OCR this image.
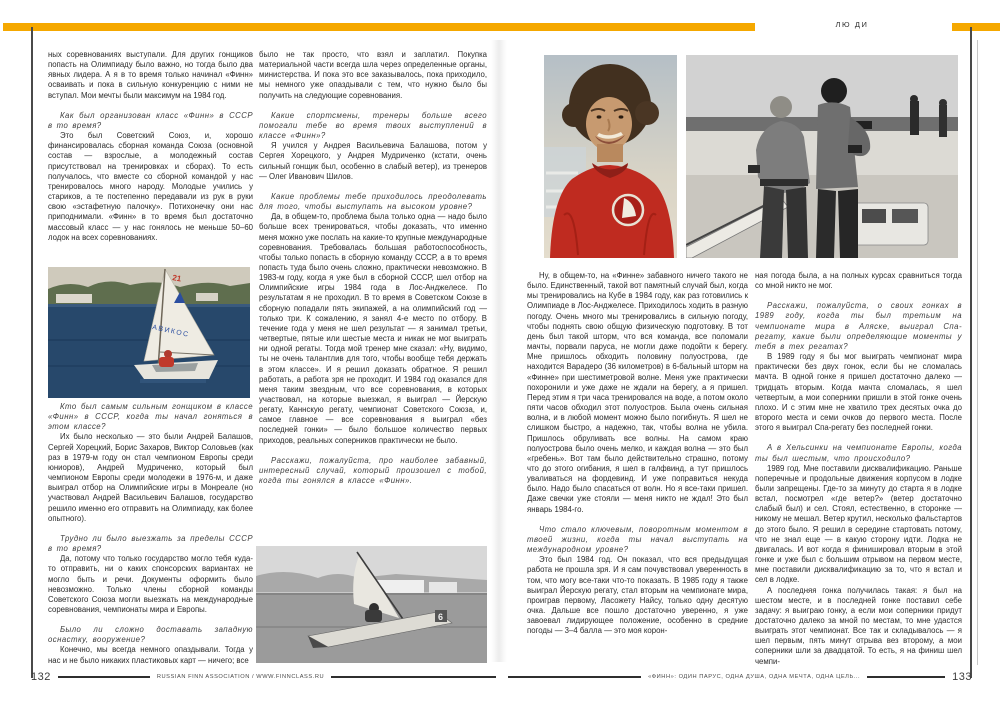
ЛЮ ДИ

ных соревнованиях выступали. Для других гонщиков попасть на Олимпиаду было важно, но тогда было два явных лидера. А я в то время только начинал «Финн» осваивать и пока в сильную конкуренцию с ними не вступал. Мои мечты были максимум на 1984 год.

Как был организован класс «Финн» в СССР в то время?

Это был Советский Союз, и, хорошо финансировалась сборная команда Союза (основной состав — взрослые, а молодежный состав присутствовал на тренировках и сборах). То есть получалось, что вместе со сборной командой у нас тренировалось много народу. Молодые учились у стариков, а те постепенно передавали из рук в руки свою «эстафетную палочку». Потихонечку они нас приподнимали. «Финн» в то время был достаточно массовый класс — у нас гонялось не меньше 50–60 лодок на всех соревнованиях.

21
АВИКОС

Кто был самым сильным гонщиком в классе «Финн» в СССР, когда ты начал гоняться в этом классе?

Их было несколько — это были Андрей Балашов, Сергей Хорецкий, Борис Захаров, Виктор Соловьев (как раз в 1979-м году он стал чемпионом Европы среди юниоров), Андрей Мудриченко, который был чемпионом Европы среди молодежи в 1976-м, и даже выиграл отбор на Олимпийские игры в Монреале (но участвовал Андрей Васильевич Балашов, государство решило именно его отправить на Олимпиаду, как более опытного).

Трудно ли было выезжать за пределы СССР в то время?

Да, потому что только государство могло тебя куда-то отправить, ни о каких спонсорских вариантах не могло быть и речи. Документы оформить было невозможно. Только члены сборной команды Советского Союза могли выезжать на международные соревнования, чемпионаты мира и Европы.

Было ли сложно доставать западную оснастку, вооружение?

Конечно, мы всегда немного опаздывали. Тогда у нас и не было никаких пластиковых карт — ничего; все

было не так просто, что взял и заплатил. Покупка материальной части всегда шла через определенные органы, министерства. И пока это все заказывалось, пока приходило, мы немного уже опаздывали с тем, что нужно было бы получить на следующие соревнования.

Какие спортсмены, тренеры больше всего помогали тебе во время твоих выступлений в классе «Финн»?

Я учился у Андрея Васильевича Балашова, потом у Сергея Хорецкого, у Андрея Мудриченко (кстати, очень сильный гонщик был, особенно в слабый ветер), из тренеров — Олег Иванович Шилов.

Какие проблемы тебе приходилось преодолевать для того, чтобы выступать на высоком уровне?

Да, в общем-то, проблема была только одна — надо было больше всех тренироваться, чтобы доказать, что именно меня можно уже послать на какие-то крупные международные соревнования. Требовалась большая работоспособность, чтобы только попасть в сборную команду СССР, а в то время попасть туда было очень сложно, практически невозможно. В 1983-м году, когда я уже был в сборной СССР, шел отбор на Олимпийские игры 1984 года в Лос-Анджелесе. По результатам я не проходил. В то время в Советском Союзе в сборную попадали пять экипажей, а на олимпийский год — только три. К сожалению, я занял 4-е место по отбору. В течение года у меня не шел результат — я занимал третьи, четвертые, пятые или шестые места и никак не мог выиграть ни одной регаты. Тогда мой тренер мне сказал: «Ну, видимо, ты не очень талантлив для того, чтобы вообще тебя держать в этом классе». И я решил доказать обратное. Я решил работать, а работа зря не проходит. И 1984 год оказался для меня таким звездным, что все соревнования, в которых участвовал, на которые выезжал, я выиграл — Йерскую регату, Каннскую регату, чемпионат Советского Союза, и, самое главное — все соревнования я выиграл «без последней гонки» — было большое количество первых приходов, реальных соперников практически не было.

Расскажи, пожалуйста, про наиболее забавный, интересный случай, который произошел с тобой, когда ты гонялся в классе «Финн».

6

Ну, в общем-то, на «Финне» забавного ничего такого не было. Единственный, такой вот памятный случай был, когда мы тренировались на Кубе в 1984 году, как раз готовились к Олимпиаде в Лос-Анджелесе. Приходилось ходить в разную погоду. Очень много мы тренировались в сильную погоду, чтобы поднять свою общую физическую подготовку. В тот день был такой шторм, что вся команда, все поломали мачты, порвали паруса, не могли даже подойти к берегу. Мне пришлось обходить половину полуострова, где находится Варадеро (36 километров) в 6-бальный шторм на «Финне» при шестиметровой волне. Меня уже практически похоронили и уже даже не ждали на берегу, а я пришел. Перед этим я три часа тренировался на воде, а потом около пяти часов обходил этот полуостров. Была очень сильная волна, и в любой момент можно было погибнуть. Я шел не слишком быстро, а надежно, так, чтобы волна не убила. Пришлось обруливать все волны. На самом краю полуострова было очень мелко, и каждая волна — это был «гребень». Вот там было действительно страшно, потому что до этого огибания, я шел в галфвинд, а тут пришлось уваливаться на фордевинд. И уже поправиться некуда было. Надо было спасаться от волн. Но я все-таки пришел. Даже свечки уже стояли — меня никто не ждал! Это был январь 1984-го.

Что стало ключевым, поворотным моментом в твоей жизни, когда ты начал выступать на международном уровне?

Это был 1984 год. Он показал, что вся предыдущая работа не прошла зря. И я сам почувствовал уверенность в том, что могу все-таки что-то показать. В 1985 году я также выиграл Йерскую регату, стал вторым на чемпионате мира, проиграв первому, Ласожету Найсу, только одну десятую очка. Дальше все пошло достаточно уверенно, я уже завоевал лидирующее положение, особенно в средние погоды — 3–4 балла — это моя корон-

ная погода была, а на полных курсах сравниться тогда со мной никто не мог.

Расскажи, пожалуйста, о своих гонках в 1989 году, когда ты был третьим на чемпионате мира в Аляске, выиграл Спа-регату, какие были определяющие моменты у тебя в тех регатах?

В 1989 году я бы мог выиграть чемпионат мира практически без двух гонок, если бы не сломалась мачта. В одной гонке я пришел достаточно далеко — тридцать вторым. Когда мачта сломалась, я шел четвертым, а мои соперники пришли в этой гонке очень плохо. И с этим мне не хватило трех десятых очка до второго места и семи очков до первого места. После этого я выиграл Спа-регату без последней гонки.

А в Хельсинки на чемпионате Европы, когда ты был шестым, что происходило?

1989 год. Мне поставили дисквалификацию. Раньше поперечные и продольные движения корпусом в лодке были запрещены. Где-то за минуту до старта я в лодке встал, посмотрел «где ветер?» (ветер достаточно слабый был) и сел. Стоял, естественно, в сторонке — никому не мешал. Ветер крутил, несколько фальстартов до этого было. Я решил в середине стартовать потому, что не знал еще — в какую сторону идти. Лодка не двигалась. И вот когда я финишировал вторым в этой гонке и уже был с большим отрывом на первом месте, мне поставили дисквалификацию за то, что я встал и сел в лодке.

А последняя гонка получилась такая: я был на шестом месте, и в последней гонке поставил себе задачу: я выиграю гонку, а если мои соперники придут достаточно далеко за мной по местам, то мне удастся выиграть этот чемпионат. Все так и складывалось — я шел первым, пять минут отрыва вез второму, а мои соперники шли за двадцатой. То есть, я на финиш шел чемпи-

132	RUSSIAN FINN ASSOCIATION / WWW.FINNCLASS.RU	«ФИНН»: ОДИН ПАРУС, ОДНА ДУША, ОДНА МЕЧТА, ОДНА ЦЕЛЬ...	133
